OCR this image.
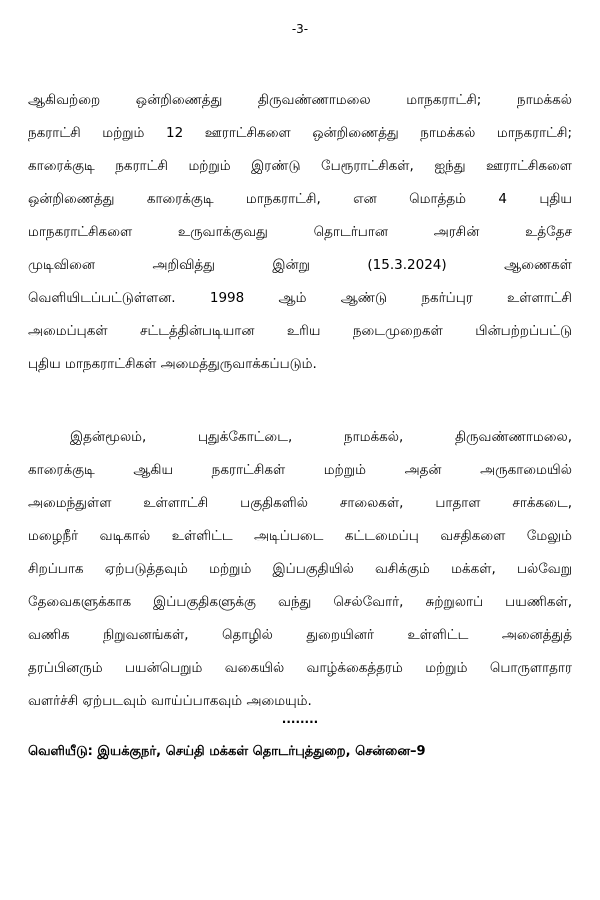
-3-
ஆகிவற்றை ஒன்றிணைத்து திருவண்ணாமலை மாநகராட்சி; நாமக்கல்
நகராட்சி மற்றும் 12 ஊராட்சிகளை ஒன்றிணைத்து நாமக்கல் மாநகராட்சி;
காரைக்குடி நகராட்சி மற்றும் இரண்டு பேரூராட்சிகள், ஐந்து ஊராட்சிகளை
ஒன்றிணைத்து காரைக்குடி மாநகராட்சி, என மொத்தம் 4 புதிய
மாநகராட்சிகளை உருவாக்குவது தொடர்பான அரசின் உத்தேச
முடிவினை அறிவித்து இன்று (15.3.2024) ஆணைகள்
வெளியிடப்பட்டுள்ளன. 1998 ஆம் ஆண்டு நகர்ப்புர உள்ளாட்சி
அமைப்புகள் சட்டத்தின்படியான உரிய நடைமுறைகள் பின்பற்றப்பட்டு
புதிய மாநகராட்சிகள் அமைத்துருவாக்கப்படும்.
இதன்மூலம், புதுக்கோட்டை, நாமக்கல், திருவண்ணாமலை,
காரைக்குடி ஆகிய நகராட்சிகள் மற்றும் அதன் அருகாமையில்
அமைந்துள்ள உள்ளாட்சி பகுதிகளில் சாலைகள், பாதாள சாக்கடை,
மழைநீர் வடிகால் உள்ளிட்ட அடிப்படை கட்டமைப்பு வசதிகளை மேலும்
சிறப்பாக ஏற்படுத்தவும் மற்றும் இப்பகுதியில் வசிக்கும் மக்கள், பல்வேறு
தேவைகளுக்காக இப்பகுதிகளுக்கு வந்து செல்வோர், சுற்றுலாப் பயணிகள்,
வணிக நிறுவனங்கள், தொழில் துறையினர் உள்ளிட்ட அனைத்துத்
தரப்பினரும் பயன்பெறும் வகையில் வாழ்க்கைத்தரம் மற்றும் பொருளாதார
வளர்ச்சி ஏற்படவும் வாய்ப்பாகவும் அமையும்.
........
வெளியீடு: இயக்குநர், செய்தி மக்கள் தொடர்புத்துறை, சென்னை–9
